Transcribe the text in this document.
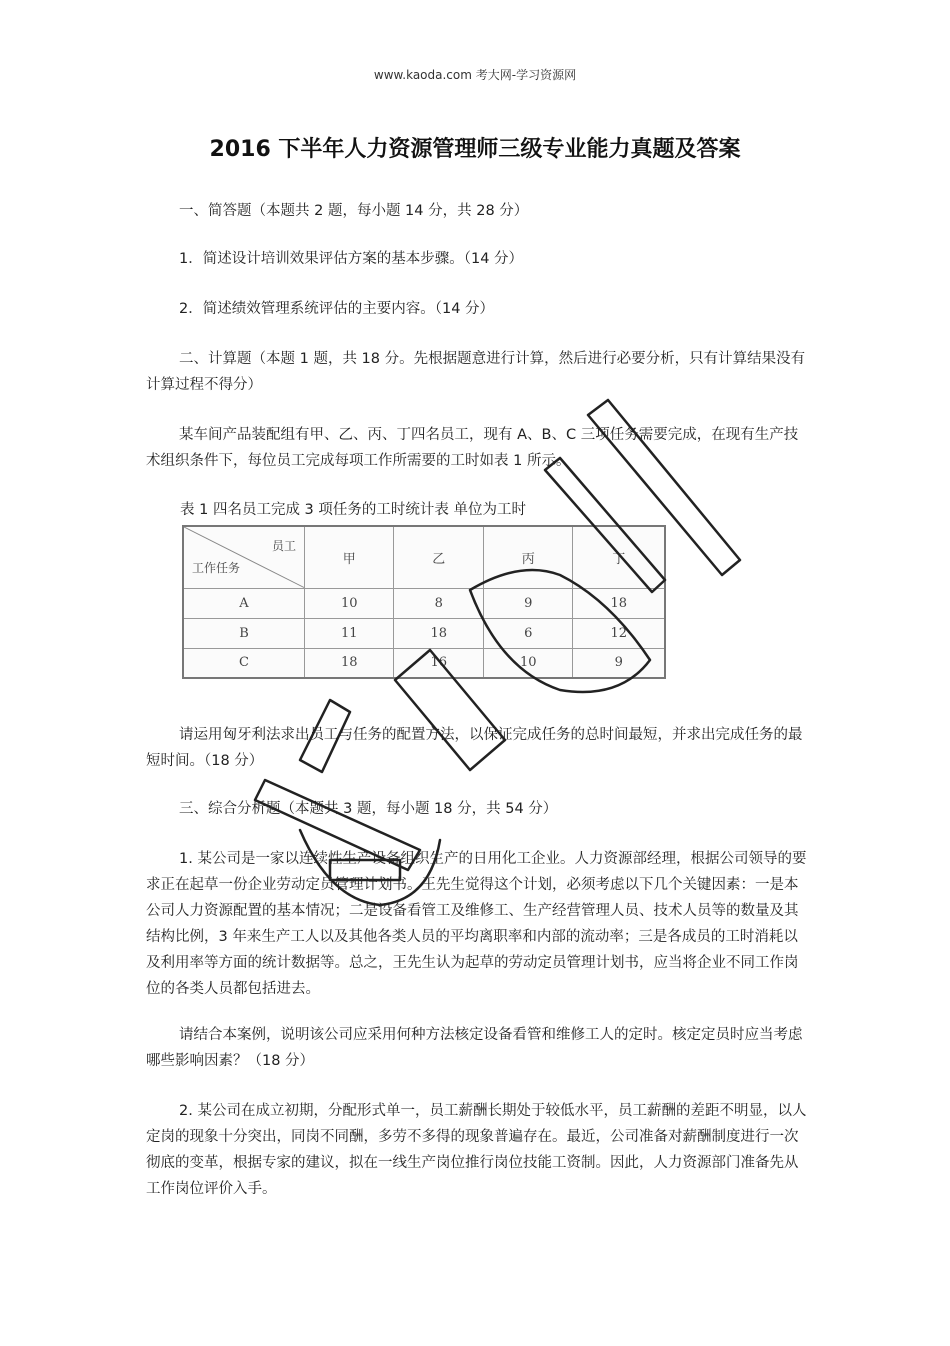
www.kaoda.com 考大网-学习资源网
2016 下半年人力资源管理师三级专业能力真题及答案

一、简答题（本题共 2 题，每小题 14 分，共 28 分）

1．简述设计培训效果评估方案的基本步骤。（14 分）

2．简述绩效管理系统评估的主要内容。（14 分）

二、计算题（本题 1 题，共 18 分。先根据题意进行计算，然后进行必要分析，只有计算结果没有计算过程不得分）

某车间产品装配组有甲、乙、丙、丁四名员工，现有 A、B、C 三项任务需要完成，在现有生产技术组织条件下，每位员工完成每项工作所需要的工时如表 1 所示。

表 1 四名员工完成 3 项任务的工时统计表 单位为工时

员工
工作任务	甲	乙	丙	丁
A	10	8	9	18
B	11	18	6	12
C	18	16	10	9

请运用匈牙利法求出员工与任务的配置方法，以保证完成任务的总时间最短，并求出完成任务的最短时间。（18 分）

三、综合分析题（本题共 3 题，每小题 18 分，共 54 分）

1. 某公司是一家以连续性生产设备组织生产的日用化工企业。人力资源部经理，根据公司领导的要求正在起草一份企业劳动定员管理计划书。王先生觉得这个计划，必须考虑以下几个关键因素：一是本公司人力资源配置的基本情况；二是设备看管工及维修工、生产经营管理人员、技术人员等的数量及其结构比例，3 年来生产工人以及其他各类人员的平均离职率和内部的流动率；三是各成员的工时消耗以及利用率等方面的统计数据等。总之，王先生认为起草的劳动定员管理计划书，应当将企业不同工作岗位的各类人员都包括进去。

请结合本案例，说明该公司应采用何种方法核定设备看管和维修工人的定时。核定定员时应当考虑哪些影响因素？（18 分）

2. 某公司在成立初期，分配形式单一，员工薪酬长期处于较低水平，员工薪酬的差距不明显，以人定岗的现象十分突出，同岗不同酬，多劳不多得的现象普遍存在。最近，公司准备对薪酬制度进行一次彻底的变革，根据专家的建议，拟在一线生产岗位推行岗位技能工资制。因此，人力资源部门准备先从工作岗位评价入手。
